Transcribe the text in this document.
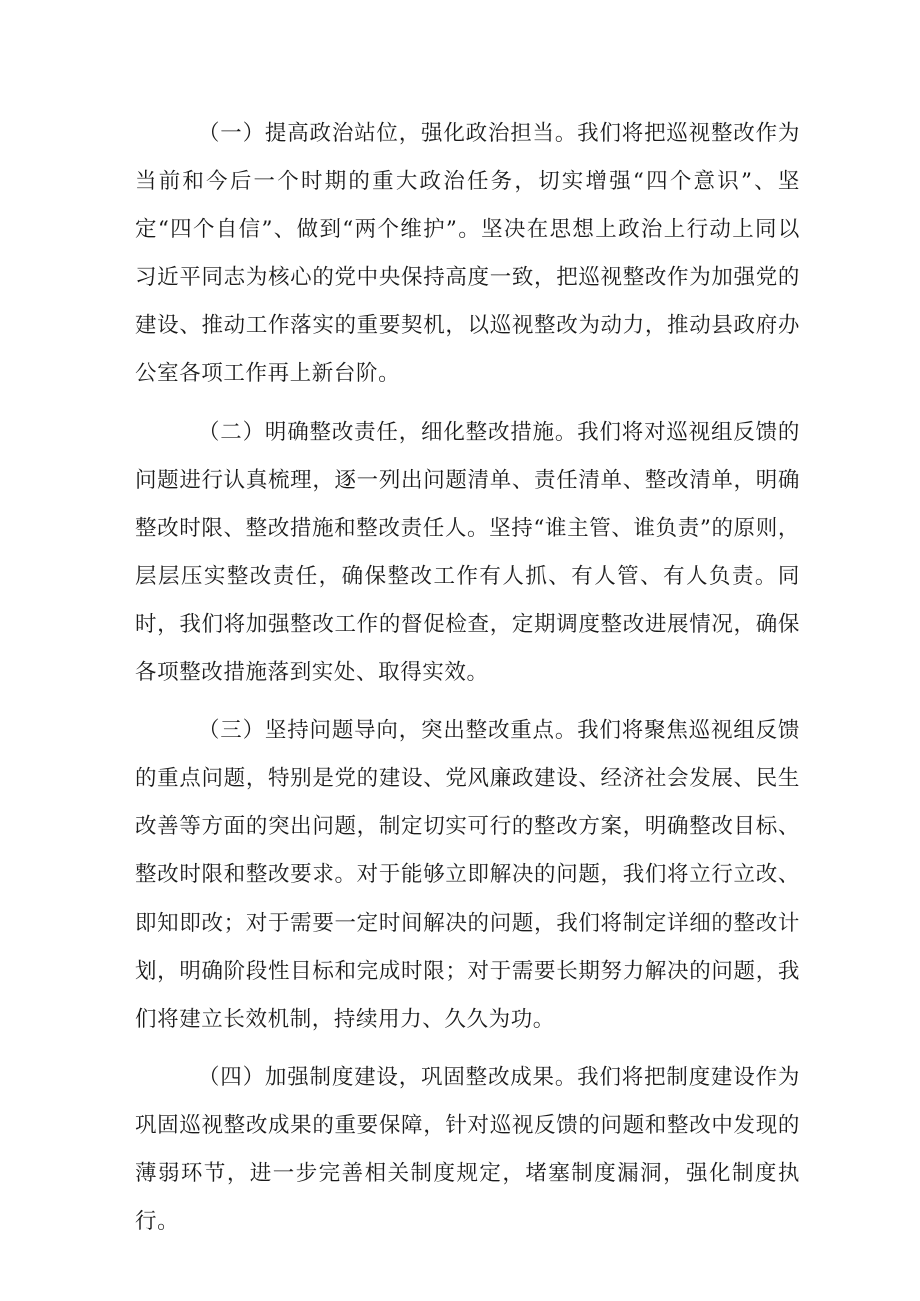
（一）提高政治站位，强化政治担当。我们将把巡视整改作为当前和今后一个时期的重大政治任务，切实增强“四个意识”、坚定“四个自信”、做到“两个维护”。坚决在思想上政治上行动上同以习近平同志为核心的党中央保持高度一致，把巡视整改作为加强党的建设、推动工作落实的重要契机，以巡视整改为动力，推动县政府办公室各项工作再上新台阶。

（二）明确整改责任，细化整改措施。我们将对巡视组反馈的问题进行认真梳理，逐一列出问题清单、责任清单、整改清单，明确整改时限、整改措施和整改责任人。坚持“谁主管、谁负责”的原则，层层压实整改责任，确保整改工作有人抓、有人管、有人负责。同时，我们将加强整改工作的督促检查，定期调度整改进展情况，确保各项整改措施落到实处、取得实效。

（三）坚持问题导向，突出整改重点。我们将聚焦巡视组反馈的重点问题，特别是党的建设、党风廉政建设、经济社会发展、民生改善等方面的突出问题，制定切实可行的整改方案，明确整改目标、整改时限和整改要求。对于能够立即解决的问题，我们将立行立改、即知即改；对于需要一定时间解决的问题，我们将制定详细的整改计划，明确阶段性目标和完成时限；对于需要长期努力解决的问题，我们将建立长效机制，持续用力、久久为功。

（四）加强制度建设，巩固整改成果。我们将把制度建设作为巩固巡视整改成果的重要保障，针对巡视反馈的问题和整改中发现的薄弱环节，进一步完善相关制度规定，堵塞制度漏洞，强化制度执行。
